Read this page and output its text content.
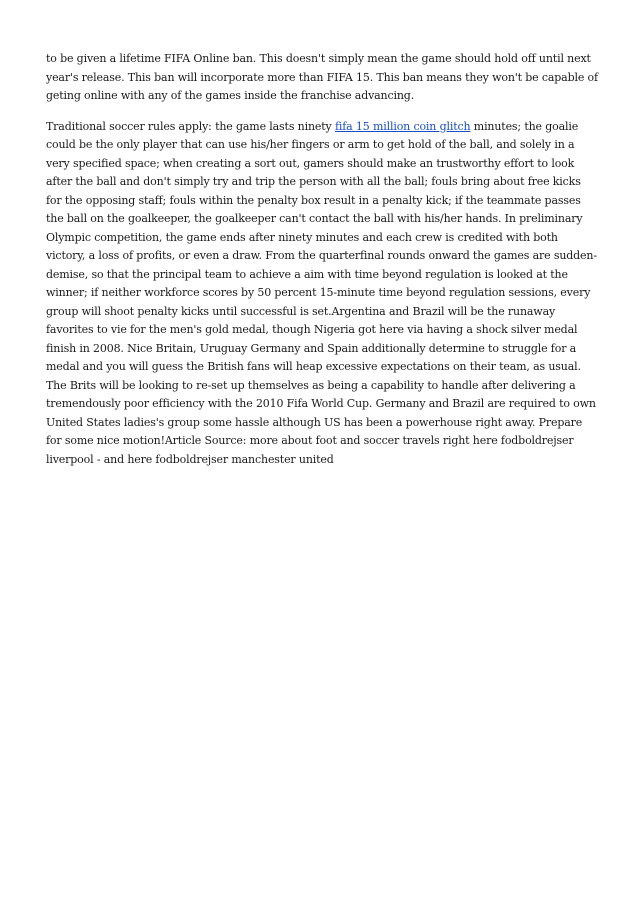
to be given a lifetime FIFA Online ban. This doesn't simply mean the game should hold off until next year's release. This ban will incorporate more than FIFA 15. This ban means they won't be capable of geting online with any of the games inside the franchise advancing.

Traditional soccer rules apply: the game lasts ninety fifa 15 million coin glitch minutes; the goalie could be the only player that can use his/her fingers or arm to get hold of the ball, and solely in a very specified space; when creating a sort out, gamers should make an trustworthy effort to look after the ball and don't simply try and trip the person with all the ball; fouls bring about free kicks for the opposing staff; fouls within the penalty box result in a penalty kick; if the teammate passes the ball on the goalkeeper, the goalkeeper can't contact the ball with his/her hands. In preliminary Olympic competition, the game ends after ninety minutes and each crew is credited with both victory, a loss of profits, or even a draw. From the quarterfinal rounds onward the games are sudden-demise, so that the principal team to achieve a aim with time beyond regulation is looked at the winner; if neither workforce scores by 50 percent 15-minute time beyond regulation sessions, every group will shoot penalty kicks until successful is set.Argentina and Brazil will be the runaway favorites to vie for the men's gold medal, though Nigeria got here via having a shock silver medal finish in 2008. Nice Britain, Uruguay Germany and Spain additionally determine to struggle for a medal and you will guess the British fans will heap excessive expectations on their team, as usual. The Brits will be looking to re-set up themselves as being a capability to handle after delivering a tremendously poor efficiency with the 2010 Fifa World Cup. Germany and Brazil are required to own United States ladies's group some hassle although US has been a powerhouse right away. Prepare for some nice motion!Article Source: more about foot and soccer travels right here fodboldrejser liverpool - and here fodboldrejser manchester united
